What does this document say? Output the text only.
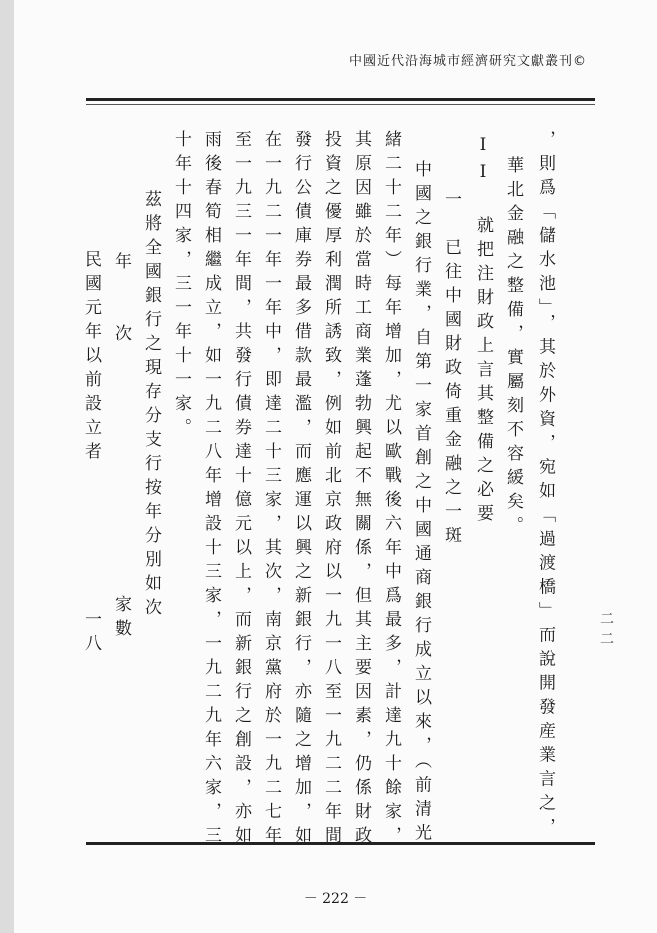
中國近代沿海城市經濟研究文獻叢刊©
二二
，則爲「儲水池」，其於外資，宛如「過渡橋」而說開發産業言之，
華北金融之整備，實屬刻不容緩矣。
II 就把注財政上言其整備之必要
一　已往中國財政倚重金融之一斑
中國之銀行業，自第一家首創之中國通商銀行成立以來，（前清光
緒二十二年）每年增加，尤以歐戰後六年中爲最多，計達九十餘家，
其原因雖於當時工商業蓬勃興起不無關係，但其主要因素，仍係財政
投資之優厚利潤所誘致，例如前北京政府以一九一八至一九二二年間
發行公債庫券最多借款最濫，而應運以興之新銀行，亦隨之增加，如
在一九二一年一年中，即達二十三家，其次，南京黨府於一九二七年
至一九三一年間，共發行債券達十億元以上，而新銀行之創設，亦如
雨後春筍相繼成立，如一九二八年增設十三家，一九二九年六家，三
十年十四家，三一年十一家。
茲將全國銀行之現存分支行按年分別如次
年　　次
民國元年以前設立者
家數
一八
－ 222 －
